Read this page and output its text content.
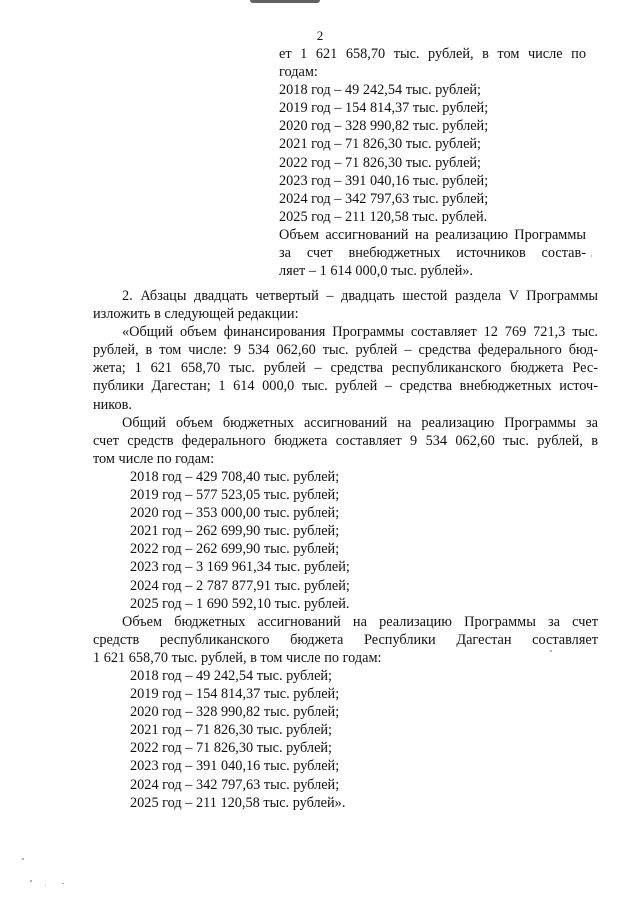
2
ет 1 621 658,70 тыс. рублей, в том числе по
годам:
2018 год – 49 242,54 тыс. рублей;
2019 год – 154 814,37 тыс. рублей;
2020 год – 328 990,82 тыс. рублей;
2021 год – 71 826,30 тыс. рублей;
2022 год – 71 826,30 тыс. рублей;
2023 год – 391 040,16 тыс. рублей;
2024 год – 342 797,63 тыс. рублей;
2025 год – 211 120,58 тыс. рублей.
Объем ассигнований на реализацию Программы за счет внебюджетных источников состав-
ляет – 1 614 000,0 тыс. рублей».
2. Абзацы двадцать четвертый – двадцать шестой раздела V Программы
изложить в следующей редакции:
«Общий объем финансирования Программы составляет 12 769 721,3 тыс.
рублей, в том числе: 9 534 062,60 тыс. рублей – средства федерального бюд-
жета; 1 621 658,70 тыс. рублей – средства республиканского бюджета Рес-
публики Дагестан; 1 614 000,0 тыс. рублей – средства внебюджетных источ-
ников.
Общий объем бюджетных ассигнований на реализацию Программы за
счет средств федерального бюджета составляет 9 534 062,60 тыс. рублей, в
том числе по годам:
2018 год – 429 708,40 тыс. рублей;
2019 год – 577 523,05 тыс. рублей;
2020 год – 353 000,00 тыс. рублей;
2021 год – 262 699,90 тыс. рублей;
2022 год – 262 699,90 тыс. рублей;
2023 год – 3 169 961,34 тыс. рублей;
2024 год – 2 787 877,91 тыс. рублей;
2025 год – 1 690 592,10 тыс. рублей.
Объем бюджетных ассигнований на реализацию Программы за счет
средств республиканского бюджета Республики Дагестан составляет
1 621 658,70 тыс. рублей, в том числе по годам:
2018 год – 49 242,54 тыс. рублей;
2019 год – 154 814,37 тыс. рублей;
2020 год – 328 990,82 тыс. рублей;
2021 год – 71 826,30 тыс. рублей;
2022 год – 71 826,30 тыс. рублей;
2023 год – 391 040,16 тыс. рублей;
2024 год – 342 797,63 тыс. рублей;
2025 год – 211 120,58 тыс. рублей».
